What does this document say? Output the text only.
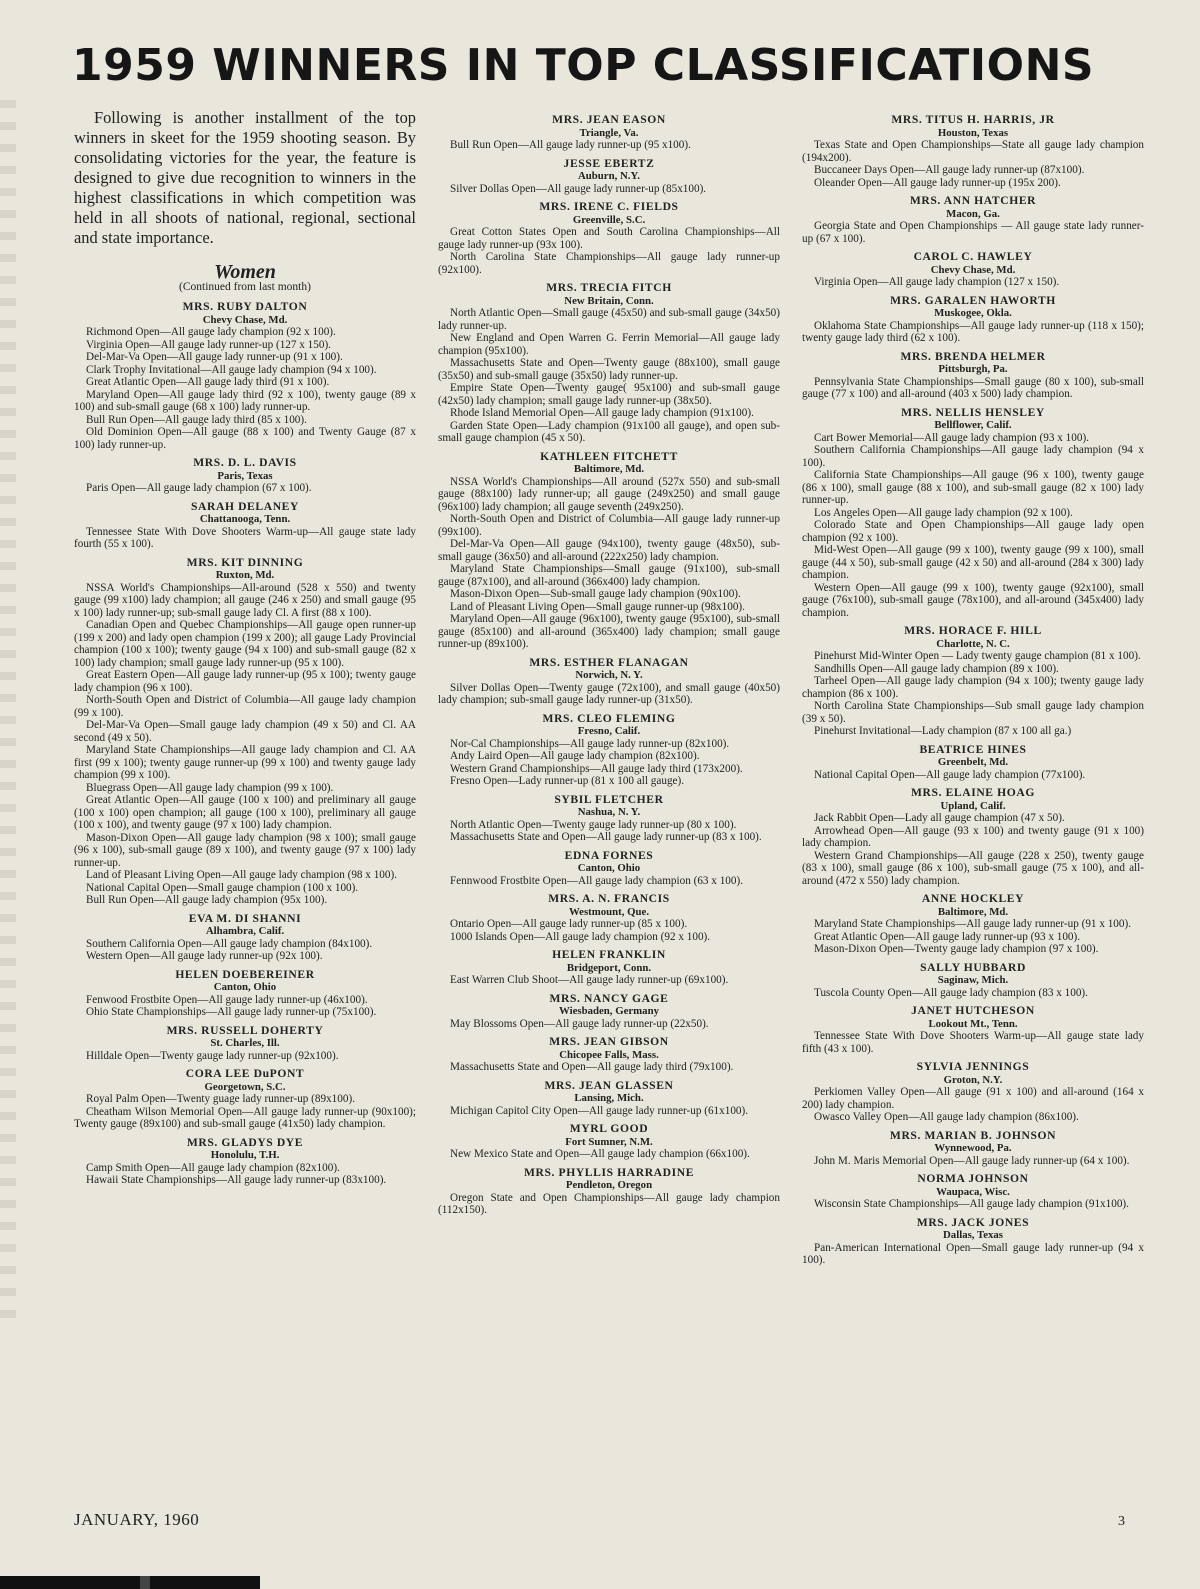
1959 WINNERS IN TOP CLASSIFICATIONS

Following is another installment of the top winners in skeet for the 1959 shooting season. By consolidating victories for the year, the feature is designed to give due recognition to winners in the highest classifications in which competition was held in all shoots of national, regional, sectional and state importance.

Women
(Continued from last month)
MRS. RUBY DALTON
Chevy Chase, Md.

Richmond Open—All gauge lady champion (92 x 100).

Virginia Open—All gauge lady runner-up (127 x 150).

Del-Mar-Va Open—All gauge lady runner-up (91 x 100).

Clark Trophy Invitational—All gauge lady champion (94 x 100).

Great Atlantic Open—All gauge lady third (91 x 100).

Maryland Open—All gauge lady third (92 x 100), twenty gauge (89 x 100) and sub-small gauge (68 x 100) lady runner-up.

Bull Run Open—All gauge lady third (85 x 100).

Old Dominion Open—All gauge (88 x 100) and Twenty Gauge (87 x 100) lady runner-up.

MRS. D. L. DAVIS
Paris, Texas

Paris Open—All gauge lady champion (67 x 100).

SARAH DELANEY
Chattanooga, Tenn.

Tennessee State With Dove Shooters Warm-up—All gauge state lady fourth (55 x 100).

MRS. KIT DINNING
Ruxton, Md.

NSSA World's Championships—All-around (528 x 550) and twenty gauge (99 x100) lady champion; all gauge (246 x 250) and small gauge (95 x 100) lady runner-up; sub-small gauge lady Cl. A first (88 x 100).

Canadian Open and Quebec Championships—All gauge open runner-up (199 x 200) and lady open champion (199 x 200); all gauge Lady Provincial champion (100 x 100); twenty gauge (94 x 100) and sub-small gauge (82 x 100) lady champion; small gauge lady runner-up (95 x 100).

Great Eastern Open—All gauge lady runner-up (95 x 100); twenty gauge lady champion (96 x 100).

North-South Open and District of Columbia—All gauge lady champion (99 x 100).

Del-Mar-Va Open—Small gauge lady champion (49 x 50) and Cl. AA second (49 x 50).

Maryland State Championships—All gauge lady champion and Cl. AA first (99 x 100); twenty gauge runner-up (99 x 100) and twenty gauge lady champion (99 x 100).

Bluegrass Open—All gauge lady champion (99 x 100).

Great Atlantic Open—All gauge (100 x 100) and preliminary all gauge (100 x 100) open champion; all gauge (100 x 100), preliminary all gauge (100 x 100), and twenty gauge (97 x 100) lady champion.

Mason-Dixon Open—All gauge lady champion (98 x 100); small gauge (96 x 100), sub-small gauge (89 x 100), and twenty gauge (97 x 100) lady runner-up.

Land of Pleasant Living Open—All gauge lady champion (98 x 100).

National Capital Open—Small gauge champion (100 x 100).

Bull Run Open—All gauge lady champion (95x 100).

EVA M. DI SHANNI
Alhambra, Calif.

Southern California Open—All gauge lady champion (84x100).

Western Open—All gauge lady runner-up (92x 100).

HELEN DOEBEREINER
Canton, Ohio

Fenwood Frostbite Open—All gauge lady runner-up (46x100).

Ohio State Championships—All gauge lady runner-up (75x100).

MRS. RUSSELL DOHERTY
St. Charles, Ill.

Hilldale Open—Twenty gauge lady runner-up (92x100).

CORA LEE DuPONT
Georgetown, S.C.

Royal Palm Open—Twenty guage lady runner-up (89x100).

Cheatham Wilson Memorial Open—All gauge lady runner-up (90x100); Twenty gauge (89x100) and sub-small gauge (41x50) lady champion.

MRS. GLADYS DYE
Honolulu, T.H.

Camp Smith Open—All gauge lady champion (82x100).

Hawaii State Championships—All gauge lady runner-up (83x100).

MRS. JEAN EASON
Triangle, Va.

Bull Run Open—All gauge lady runner-up (95 x100).

JESSE EBERTZ
Auburn, N.Y.

Silver Dollas Open—All gauge lady runner-up (85x100).

MRS. IRENE C. FIELDS
Greenville, S.C.

Great Cotton States Open and South Carolina Championships—All gauge lady runner-up (93x 100).

North Carolina State Championships—All gauge lady runner-up (92x100).

MRS. TRECIA FITCH
New Britain, Conn.

North Atlantic Open—Small gauge (45x50) and sub-small gauge (34x50) lady runner-up.

New England and Open Warren G. Ferrin Memorial—All gauge lady champion (95x100).

Massachusetts State and Open—Twenty gauge (88x100), small gauge (35x50) and sub-small gauge (35x50) lady runner-up.

Empire State Open—Twenty gauge( 95x100) and sub-small gauge (42x50) lady champion; small gauge lady runner-up (38x50).

Rhode Island Memorial Open—All gauge lady champion (91x100).

Garden State Open—Lady champion (91x100 all gauge), and open sub-small gauge champion (45 x 50).

KATHLEEN FITCHETT
Baltimore, Md.

NSSA World's Championships—All around (527x 550) and sub-small gauge (88x100) lady runner-up; all gauge (249x250) and small gauge (96x100) lady champion; all gauge seventh (249x250).

North-South Open and District of Columbia—All gauge lady runner-up (99x100).

Del-Mar-Va Open—All gauge (94x100), twenty gauge (48x50), sub-small gauge (36x50) and all-around (222x250) lady champion.

Maryland State Championships—Small gauge (91x100), sub-small gauge (87x100), and all-around (366x400) lady champion.

Mason-Dixon Open—Sub-small gauge lady champion (90x100).

Land of Pleasant Living Open—Small gauge runner-up (98x100).

Maryland Open—All gauge (96x100), twenty gauge (95x100), sub-small gauge (85x100) and all-around (365x400) lady champion; small gauge runner-up (89x100).

MRS. ESTHER FLANAGAN
Norwich, N. Y.

Silver Dollas Open—Twenty gauge (72x100), and small gauge (40x50) lady champion; sub-small gauge lady runner-up (31x50).

MRS. CLEO FLEMING
Fresno, Calif.

Nor-Cal Championships—All gauge lady runner-up (82x100).

Andy Laird Open—All gauge lady champion (82x100).

Western Grand Championships—All gauge lady third (173x200).

Fresno Open—Lady runner-up (81 x 100 all gauge).

SYBIL FLETCHER
Nashua, N. Y.

North Atlantic Open—Twenty gauge lady runner-up (80 x 100).

Massachusetts State and Open—All gauge lady runner-up (83 x 100).

EDNA FORNES
Canton, Ohio

Fennwood Frostbite Open—All gauge lady champion (63 x 100).

MRS. A. N. FRANCIS
Westmount, Que.

Ontario Open—All gauge lady runner-up (85 x 100).

1000 Islands Open—All gauge lady champion (92 x 100).

HELEN FRANKLIN
Bridgeport, Conn.

East Warren Club Shoot—All gauge lady runner-up (69x100).

MRS. NANCY GAGE
Wiesbaden, Germany

May Blossoms Open—All gauge lady runner-up (22x50).

MRS. JEAN GIBSON
Chicopee Falls, Mass.

Massachusetts State and Open—All gauge lady third (79x100).

MRS. JEAN GLASSEN
Lansing, Mich.

Michigan Capitol City Open—All gauge lady runner-up (61x100).

MYRL GOOD
Fort Sumner, N.M.

New Mexico State and Open—All gauge lady champion (66x100).

MRS. PHYLLIS HARRADINE
Pendleton, Oregon

Oregon State and Open Championships—All gauge lady champion (112x150).

MRS. TITUS H. HARRIS, JR
Houston, Texas

Texas State and Open Championships—State all gauge lady champion (194x200).

Buccaneer Days Open—All gauge lady runner-up (87x100).

Oleander Open—All gauge lady runner-up (195x 200).

MRS. ANN HATCHER
Macon, Ga.

Georgia State and Open Championships — All gauge state lady runner-up (67 x 100).

CAROL C. HAWLEY
Chevy Chase, Md.

Virginia Open—All gauge lady champion (127 x 150).

MRS. GARALEN HAWORTH
Muskogee, Okla.

Oklahoma State Championships—All gauge lady runner-up (118 x 150); twenty gauge lady third (62 x 100).

MRS. BRENDA HELMER
Pittsburgh, Pa.

Pennsylvania State Championships—Small gauge (80 x 100), sub-small gauge (77 x 100) and all-around (403 x 500) lady champion.

MRS. NELLIS HENSLEY
Bellflower, Calif.

Cart Bower Memorial—All gauge lady champion (93 x 100).

Southern California Championships—All gauge lady champion (94 x 100).

California State Championships—All gauge (96 x 100), twenty gauge (86 x 100), small gauge (88 x 100), and sub-small gauge (82 x 100) lady runner-up.

Los Angeles Open—All gauge lady champion (92 x 100).

Colorado State and Open Championships—All gauge lady open champion (92 x 100).

Mid-West Open—All gauge (99 x 100), twenty gauge (99 x 100), small gauge (44 x 50), sub-small gauge (42 x 50) and all-around (284 x 300) lady champion.

Western Open—All gauge (99 x 100), twenty gauge (92x100), small gauge (76x100), sub-small gauge (78x100), and all-around (345x400) lady champion.

MRS. HORACE F. HILL
Charlotte, N. C.

Pinehurst Mid-Winter Open — Lady twenty gauge champion (81 x 100).

Sandhills Open—All gauge lady champion (89 x 100).

Tarheel Open—All gauge lady champion (94 x 100); twenty gauge lady champion (86 x 100).

North Carolina State Championships—Sub small gauge lady champion (39 x 50).

Pinehurst Invitational—Lady champion (87 x 100 all ga.)

BEATRICE HINES
Greenbelt, Md.

National Capital Open—All gauge lady champion (77x100).

MRS. ELAINE HOAG
Upland, Calif.

Jack Rabbit Open—Lady all gauge champion (47 x 50).

Arrowhead Open—All gauge (93 x 100) and twenty gauge (91 x 100) lady champion.

Western Grand Championships—All gauge (228 x 250), twenty gauge (83 x 100), small gauge (86 x 100), sub-small gauge (75 x 100), and all-around (472 x 550) lady champion.

ANNE HOCKLEY
Baltimore, Md.

Maryland State Championships—All gauge lady runner-up (91 x 100).

Great Atlantic Open—All gauge lady runner-up (93 x 100).

Mason-Dixon Open—Twenty gauge lady champion (97 x 100).

SALLY HUBBARD
Saginaw, Mich.

Tuscola County Open—All gauge lady champion (83 x 100).

JANET HUTCHESON
Lookout Mt., Tenn.

Tennessee State With Dove Shooters Warm-up—All gauge state lady fifth (43 x 100).

SYLVIA JENNINGS
Groton, N.Y.

Perkiomen Valley Open—All gauge (91 x 100) and all-around (164 x 200) lady champion.

Owasco Valley Open—All gauge lady champion (86x100).

MRS. MARIAN B. JOHNSON
Wynnewood, Pa.

John M. Maris Memorial Open—All gauge lady runner-up (64 x 100).

NORMA JOHNSON
Waupaca, Wisc.

Wisconsin State Championships—All gauge lady champion (91x100).

MRS. JACK JONES
Dallas, Texas

Pan-American International Open—Small gauge lady runner-up (94 x 100).

JANUARY, 1960	3
